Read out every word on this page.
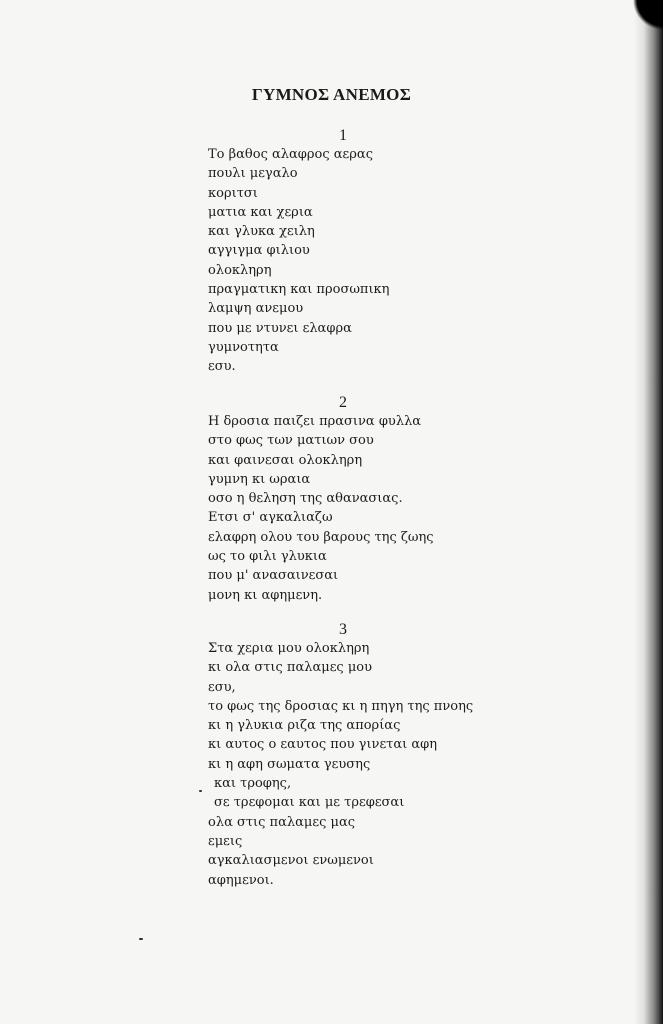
ΓΥΜΝΟΣ ΑΝΕΜΟΣ
1
Το βαθος αλαφρος αερας
πουλι μεγαλο
κοριτσι
ματια και χερια
και γλυκα χειλη
αγγιγμα φιλιου
ολοκληρη
πραγματικη και προσωπικη
λαμψη ανεμου
που με ντυνει ελαφρα
γυμνοτητα
εσυ.
2
Η δροσια παιζει πρασινα φυλλα
στο φως των ματιων σου
και φαινεσαι ολοκληρη
γυμνη κι ωραια
οσο η θεληση της αθανασιας.
Ετσι σ' αγκαλιαζω
ελαφρη ολου του βαρους της ζωης
ως το φιλι γλυκια
που μ' ανασαινεσαι
μονη κι αφημενη.
3
Στα χερια μου ολοκληρη
κι ολα στις παλαμες μου
εσυ,
το φως της δροσιας κι η πηγη της πνοης
κι η γλυκια ριζα της απορίας
κι αυτος ο εαυτος που γινεται αφη
κι η αφη σωματα γευσης
και τροφης,
σε τρεφομαι και με τρεφεσαι
ολα στις παλαμες μας
εμεις
αγκαλιασμενοι ενωμενοι
αφημενοι.
